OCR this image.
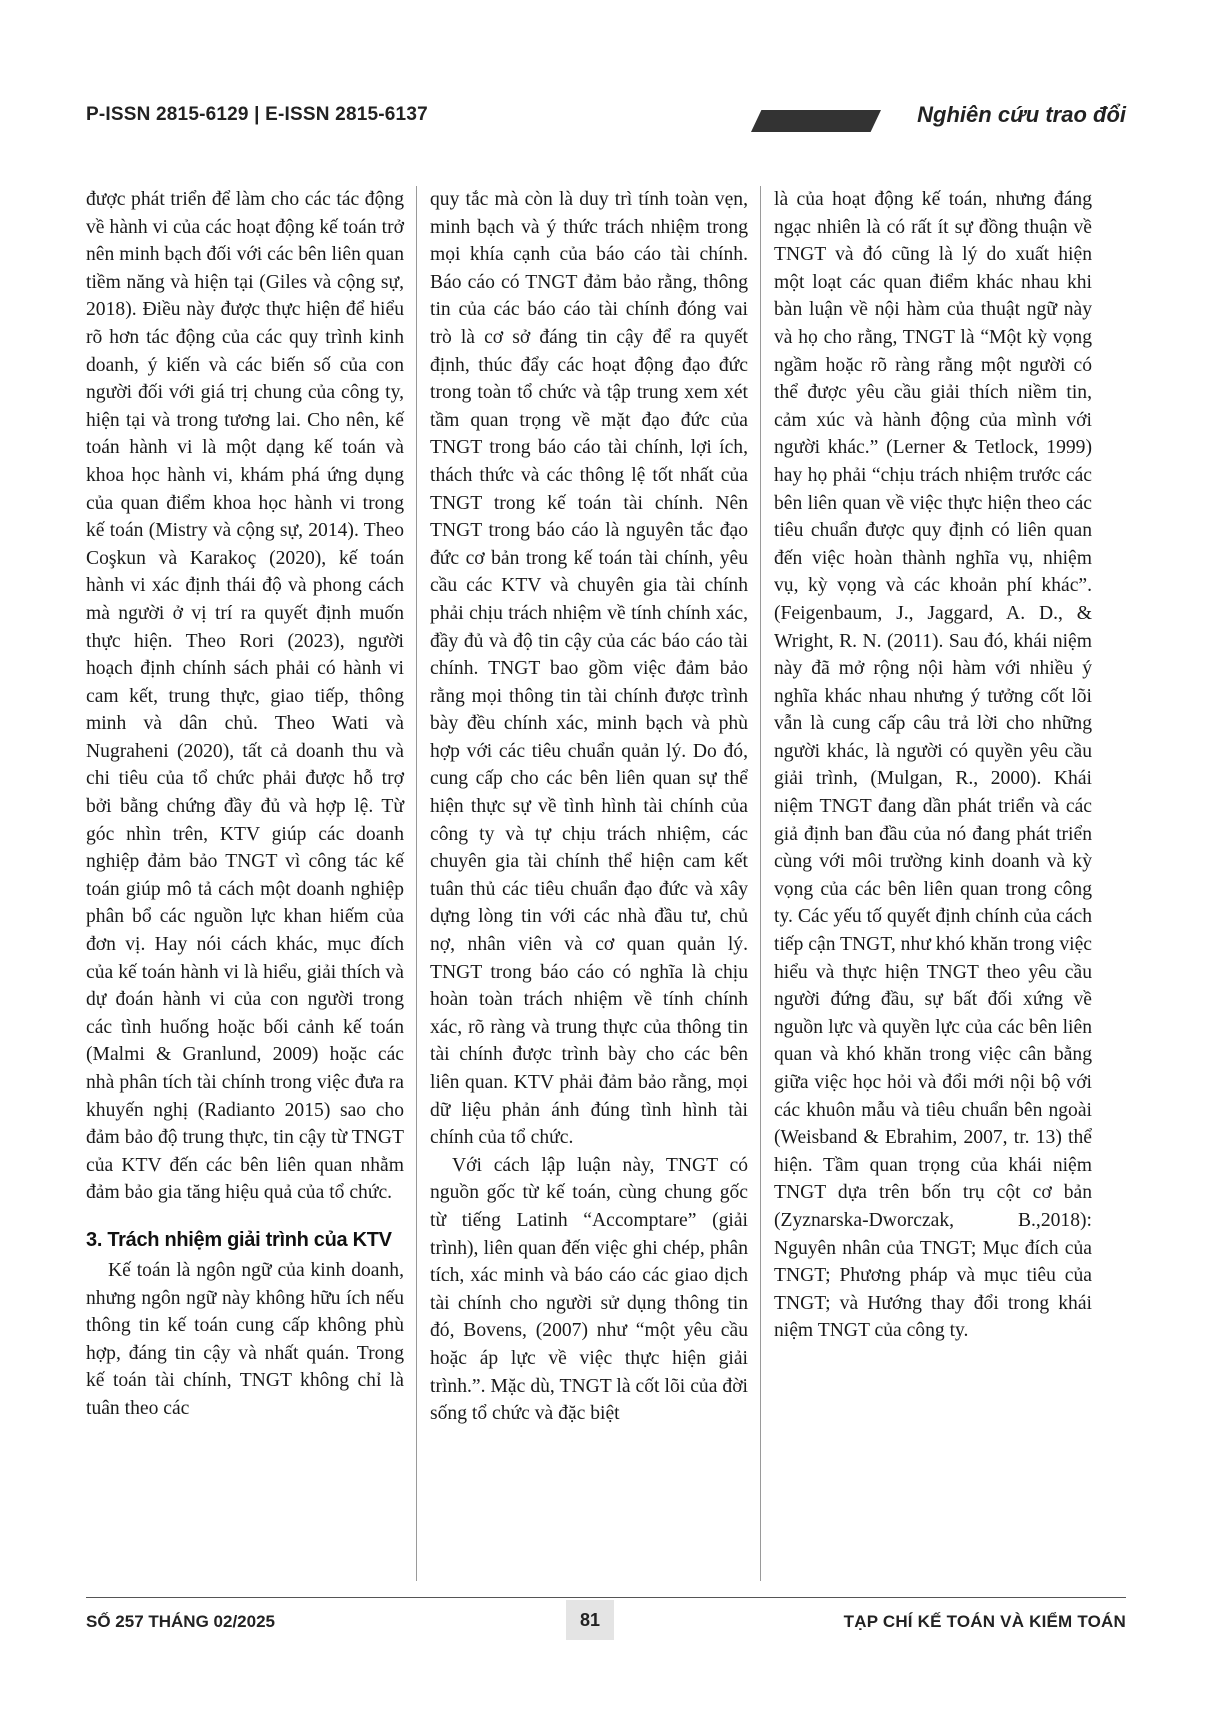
P-ISSN 2815-6129 | E-ISSN 2815-6137	Nghiên cứu trao đổi

được phát triển để làm cho các tác động về hành vi của các hoạt động kế toán trở nên minh bạch đối với các bên liên quan tiềm năng và hiện tại (Giles và cộng sự, 2018). Điều này được thực hiện để hiểu rõ hơn tác động của các quy trình kinh doanh, ý kiến và các biến số của con người đối với giá trị chung của công ty, hiện tại và trong tương lai. Cho nên, kế toán hành vi là một dạng kế toán và khoa học hành vi, khám phá ứng dụng của quan điểm khoa học hành vi trong kế toán (Mistry và cộng sự, 2014). Theo Coşkun và Karakoç (2020), kế toán hành vi xác định thái độ và phong cách mà người ở vị trí ra quyết định muốn thực hiện. Theo Rori (2023), người hoạch định chính sách phải có hành vi cam kết, trung thực, giao tiếp, thông minh và dân chủ. Theo Wati và Nugraheni (2020), tất cả doanh thu và chi tiêu của tổ chức phải được hỗ trợ bởi bằng chứng đầy đủ và hợp lệ. Từ góc nhìn trên, KTV giúp các doanh nghiệp đảm bảo TNGT vì công tác kế toán giúp mô tả cách một doanh nghiệp phân bổ các nguồn lực khan hiếm của đơn vị. Hay nói cách khác, mục đích của kế toán hành vi là hiểu, giải thích và dự đoán hành vi của con người trong các tình huống hoặc bối cảnh kế toán (Malmi & Granlund, 2009) hoặc các nhà phân tích tài chính trong việc đưa ra khuyến nghị (Radianto 2015) sao cho đảm bảo độ trung thực, tin cậy từ TNGT của KTV đến các bên liên quan nhằm đảm bảo gia tăng hiệu quả của tổ chức.

3. Trách nhiệm giải trình của KTV

Kế toán là ngôn ngữ của kinh doanh, nhưng ngôn ngữ này không hữu ích nếu thông tin kế toán cung cấp không phù hợp, đáng tin cậy và nhất quán. Trong kế toán tài chính, TNGT không chỉ là tuân theo các

quy tắc mà còn là duy trì tính toàn vẹn, minh bạch và ý thức trách nhiệm trong mọi khía cạnh của báo cáo tài chính. Báo cáo có TNGT đảm bảo rằng, thông tin của các báo cáo tài chính đóng vai trò là cơ sở đáng tin cậy để ra quyết định, thúc đẩy các hoạt động đạo đức trong toàn tổ chức và tập trung xem xét tầm quan trọng về mặt đạo đức của TNGT trong báo cáo tài chính, lợi ích, thách thức và các thông lệ tốt nhất của TNGT trong kế toán tài chính. Nên TNGT trong báo cáo là nguyên tắc đạo đức cơ bản trong kế toán tài chính, yêu cầu các KTV và chuyên gia tài chính phải chịu trách nhiệm về tính chính xác, đầy đủ và độ tin cậy của các báo cáo tài chính. TNGT bao gồm việc đảm bảo rằng mọi thông tin tài chính được trình bày đều chính xác, minh bạch và phù hợp với các tiêu chuẩn quản lý. Do đó, cung cấp cho các bên liên quan sự thể hiện thực sự về tình hình tài chính của công ty và tự chịu trách nhiệm, các chuyên gia tài chính thể hiện cam kết tuân thủ các tiêu chuẩn đạo đức và xây dựng lòng tin với các nhà đầu tư, chủ nợ, nhân viên và cơ quan quản lý. TNGT trong báo cáo có nghĩa là chịu hoàn toàn trách nhiệm về tính chính xác, rõ ràng và trung thực của thông tin tài chính được trình bày cho các bên liên quan. KTV phải đảm bảo rằng, mọi dữ liệu phản ánh đúng tình hình tài chính của tổ chức.

Với cách lập luận này, TNGT có nguồn gốc từ kế toán, cùng chung gốc từ tiếng Latinh “Accomptare” (giải trình), liên quan đến việc ghi chép, phân tích, xác minh và báo cáo các giao dịch tài chính cho người sử dụng thông tin đó, Bovens, (2007) như “một yêu cầu hoặc áp lực về việc thực hiện giải trình.”. Mặc dù, TNGT là cốt lõi của đời sống tổ chức và đặc biệt

là của hoạt động kế toán, nhưng đáng ngạc nhiên là có rất ít sự đồng thuận về TNGT và đó cũng là lý do xuất hiện một loạt các quan điểm khác nhau khi bàn luận về nội hàm của thuật ngữ này và họ cho rằng, TNGT là “Một kỳ vọng ngầm hoặc rõ ràng rằng một người có thể được yêu cầu giải thích niềm tin, cảm xúc và hành động của mình với người khác.” (Lerner & Tetlock, 1999) hay họ phải “chịu trách nhiệm trước các bên liên quan về việc thực hiện theo các tiêu chuẩn được quy định có liên quan đến việc hoàn thành nghĩa vụ, nhiệm vụ, kỳ vọng và các khoản phí khác”. (Feigenbaum, J., Jaggard, A. D., & Wright, R. N. (2011). Sau đó, khái niệm này đã mở rộng nội hàm với nhiều ý nghĩa khác nhau nhưng ý tưởng cốt lõi vẫn là cung cấp câu trả lời cho những người khác, là người có quyền yêu cầu giải trình, (Mulgan, R., 2000). Khái niệm TNGT đang dần phát triển và các giả định ban đầu của nó đang phát triển cùng với môi trường kinh doanh và kỳ vọng của các bên liên quan trong công ty. Các yếu tố quyết định chính của cách tiếp cận TNGT, như khó khăn trong việc hiểu và thực hiện TNGT theo yêu cầu người đứng đầu, sự bất đối xứng về nguồn lực và quyền lực của các bên liên quan và khó khăn trong việc cân bằng giữa việc học hỏi và đổi mới nội bộ với các khuôn mẫu và tiêu chuẩn bên ngoài (Weisband & Ebrahim, 2007, tr. 13) thể hiện. Tầm quan trọng của khái niệm TNGT dựa trên bốn trụ cột cơ bản (Zyznarska-Dworczak, B.,2018): Nguyên nhân của TNGT; Mục đích của TNGT; Phương pháp và mục tiêu của TNGT; và Hướng thay đổi trong khái niệm TNGT của công ty.

SỐ 257 THÁNG 02/2025	81	TẠP CHÍ KẾ TOÁN VÀ KIỂM TOÁN
